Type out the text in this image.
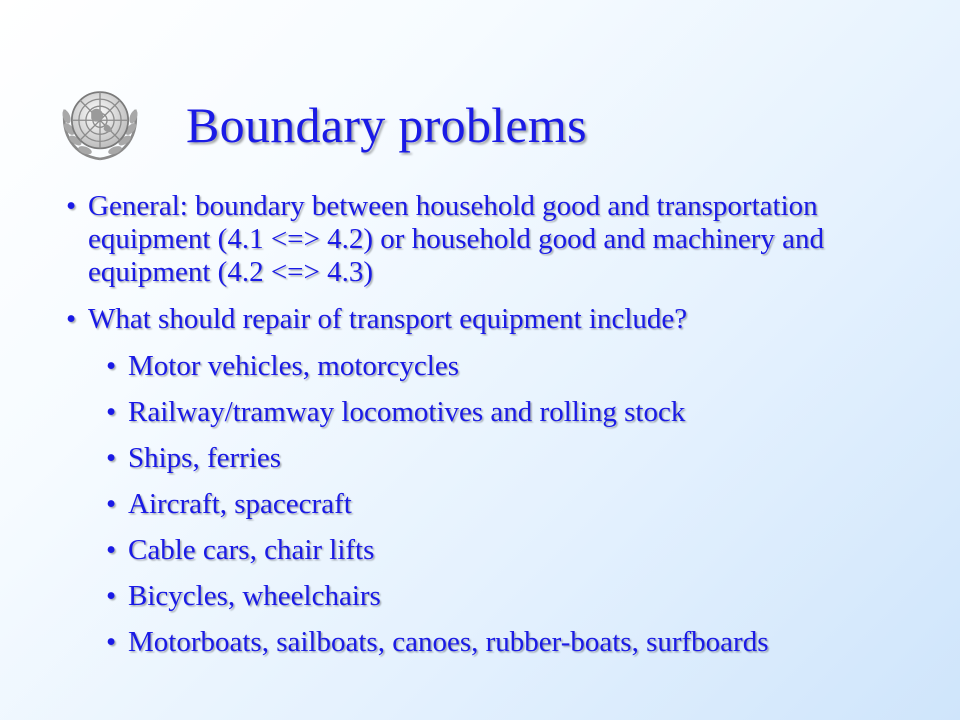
Boundary problems
• General: boundary between household good and transportation equipment (4.1 <=> 4.2) or household good and machinery and equipment (4.2 <=> 4.3)
• What should repair of transport equipment include?
• Motor vehicles, motorcycles
• Railway/tramway locomotives and rolling stock
• Ships, ferries
• Aircraft, spacecraft
• Cable cars, chair lifts
• Bicycles, wheelchairs
• Motorboats, sailboats, canoes, rubber-boats, surfboards
